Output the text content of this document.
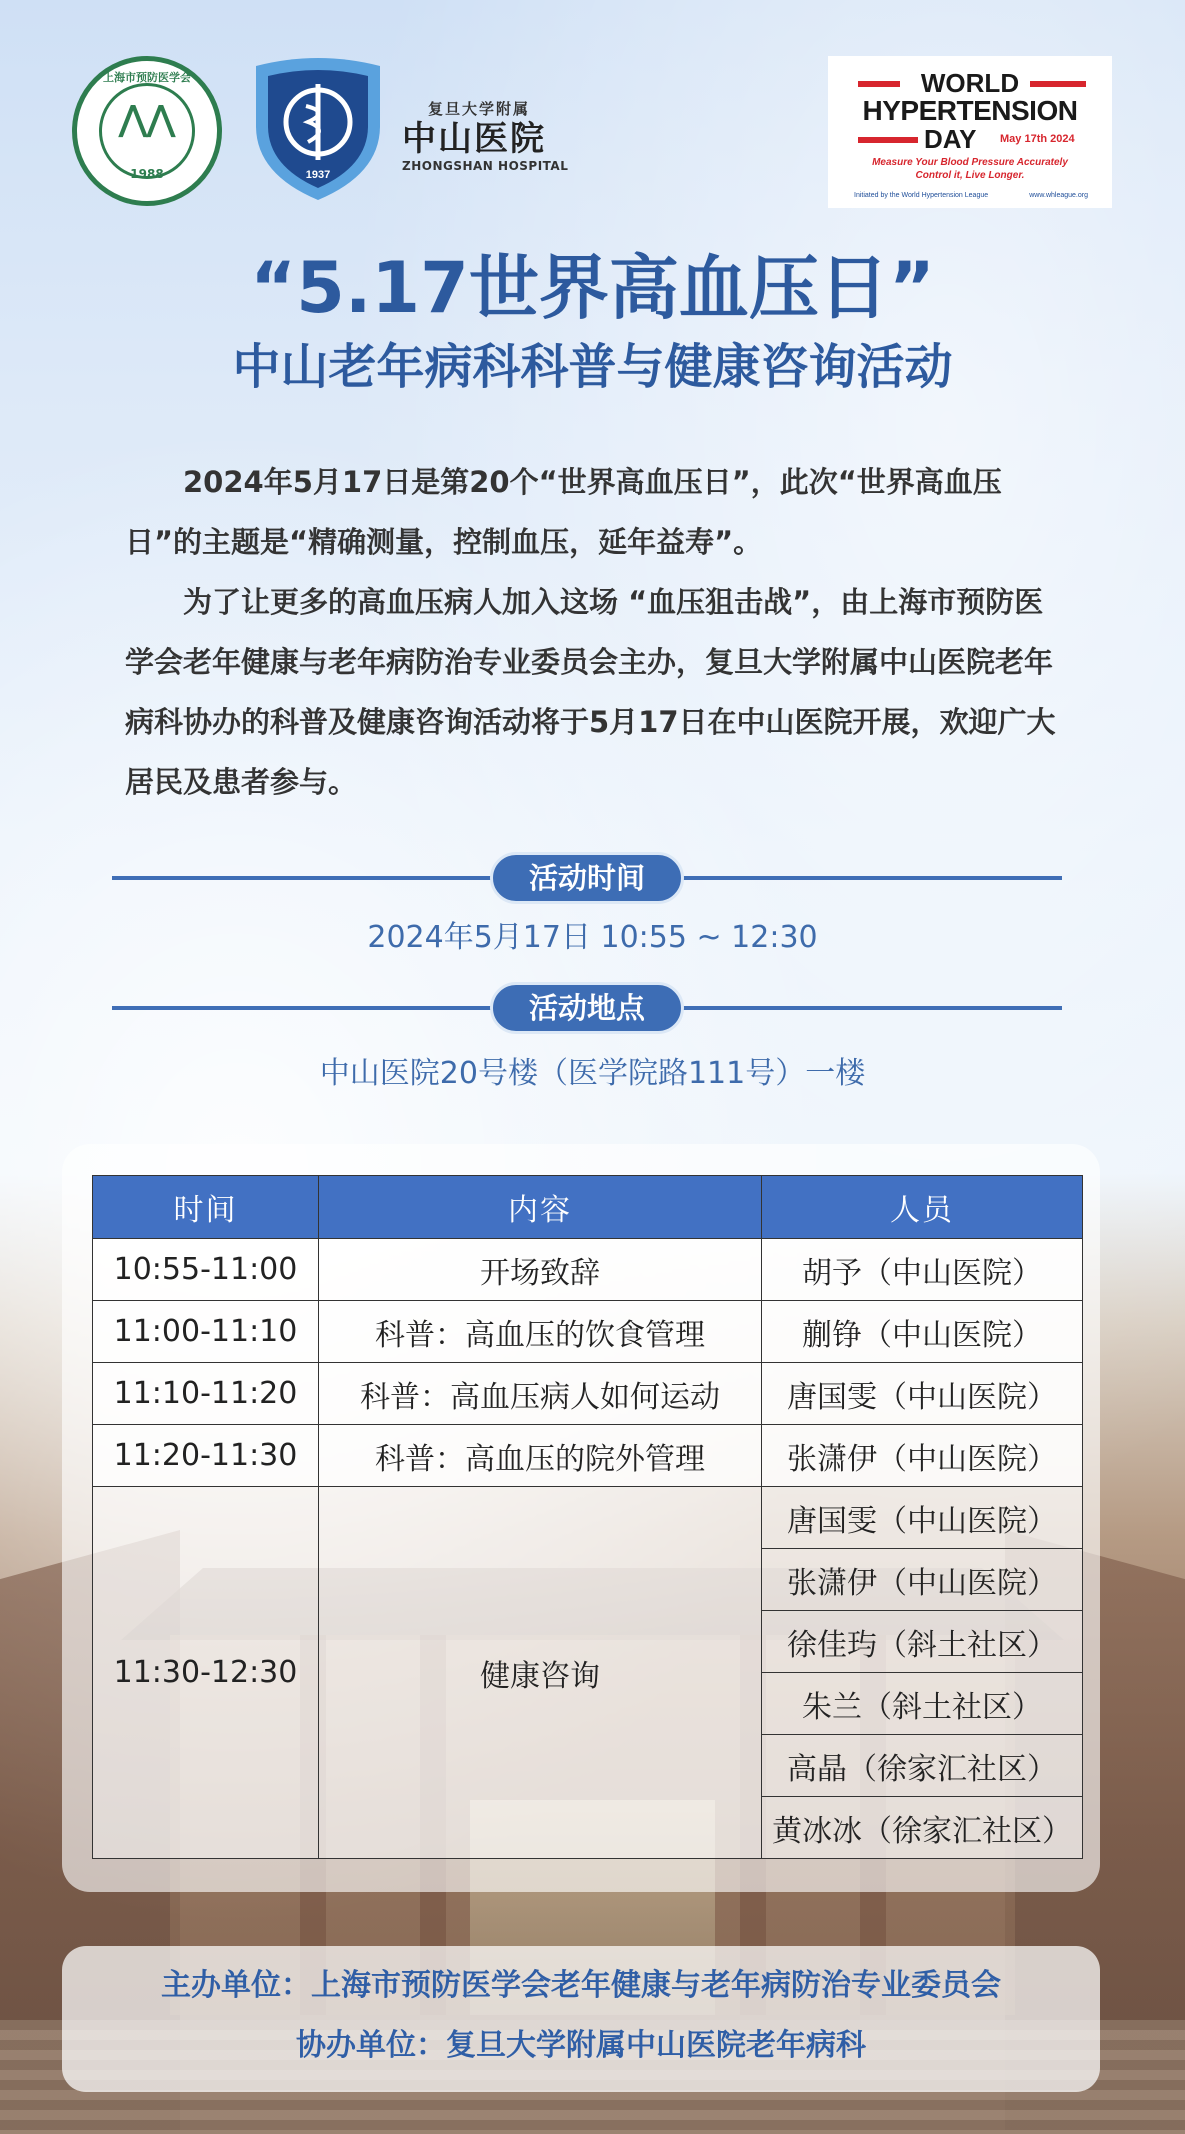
上海市预防医学会
⋀⋀
1988	1937
复旦大学附属
中山医院
ZHONGSHAN HOSPITAL
WORLD
HYPERTENSION
DAY May 17th 2024
Measure Your Blood Pressure Accurately
Control it, Live Longer.
Initiated by the World Hypertension League	www.whleague.org
“5.17世界高血压日”
中山老年病科科普与健康咨询活动

2024年5月17日是第20个“世界高血压日”，此次“世界高血压日”的主题是“精确测量，控制血压，延年益寿”。

为了让更多的高血压病人加入这场 “血压狙击战”，由上海市预防医学会老年健康与老年病防治专业委员会主办，复旦大学附属中山医院老年病科协办的科普及健康咨询活动将于5月17日在中山医院开展，欢迎广大居民及患者参与。

活动时间
2024年5月17日 10:55 ~ 12:30
活动地点
中山医院20号楼（医学院路111号）一楼
时间	内容	人员
10:55-11:00	开场致辞	胡予（中山医院）
11:00-11:10	科普：高血压的饮食管理	蒯铮（中山医院）
11:10-11:20	科普：高血压病人如何运动	唐国雯（中山医院）
11:20-11:30	科普：高血压的院外管理	张潇伊（中山医院）
11:30-12:30	健康咨询	唐国雯（中山医院）
		张潇伊（中山医院）
		徐佳玙（斜土社区）
		朱兰（斜土社区）
		高晶（徐家汇社区）
		黄冰冰（徐家汇社区）
主办单位：上海市预防医学会老年健康与老年病防治专业委员会
协办单位：复旦大学附属中山医院老年病科
